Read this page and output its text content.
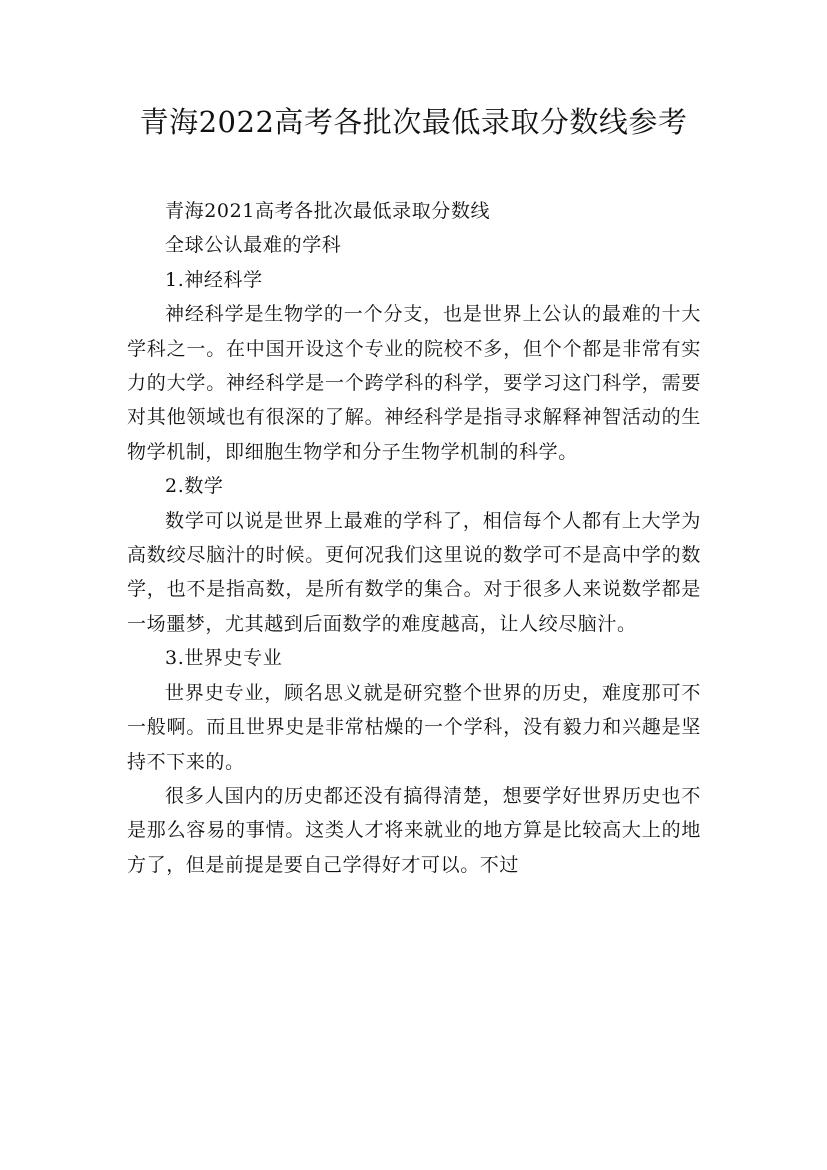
青海2022高考各批次最低录取分数线参考

青海2021高考各批次最低录取分数线

全球公认最难的学科

1.神经科学

神经科学是生物学的一个分支，也是世界上公认的最难的十大学科之一。在中国开设这个专业的院校不多，但个个都是非常有实力的大学。神经科学是一个跨学科的科学，要学习这门科学，需要对其他领域也有很深的了解。神经科学是指寻求解释神智活动的生物学机制，即细胞生物学和分子生物学机制的科学。

2.数学

数学可以说是世界上最难的学科了，相信每个人都有上大学为高数绞尽脑汁的时候。更何况我们这里说的数学可不是高中学的数学，也不是指高数，是所有数学的集合。对于很多人来说数学都是一场噩梦，尤其越到后面数学的难度越高，让人绞尽脑汁。

3.世界史专业

世界史专业，顾名思义就是研究整个世界的历史，难度那可不一般啊。而且世界史是非常枯燥的一个学科，没有毅力和兴趣是坚持不下来的。

很多人国内的历史都还没有搞得清楚，想要学好世界历史也不是那么容易的事情。这类人才将来就业的地方算是比较高大上的地方了，但是前提是要自己学得好才可以。不过
